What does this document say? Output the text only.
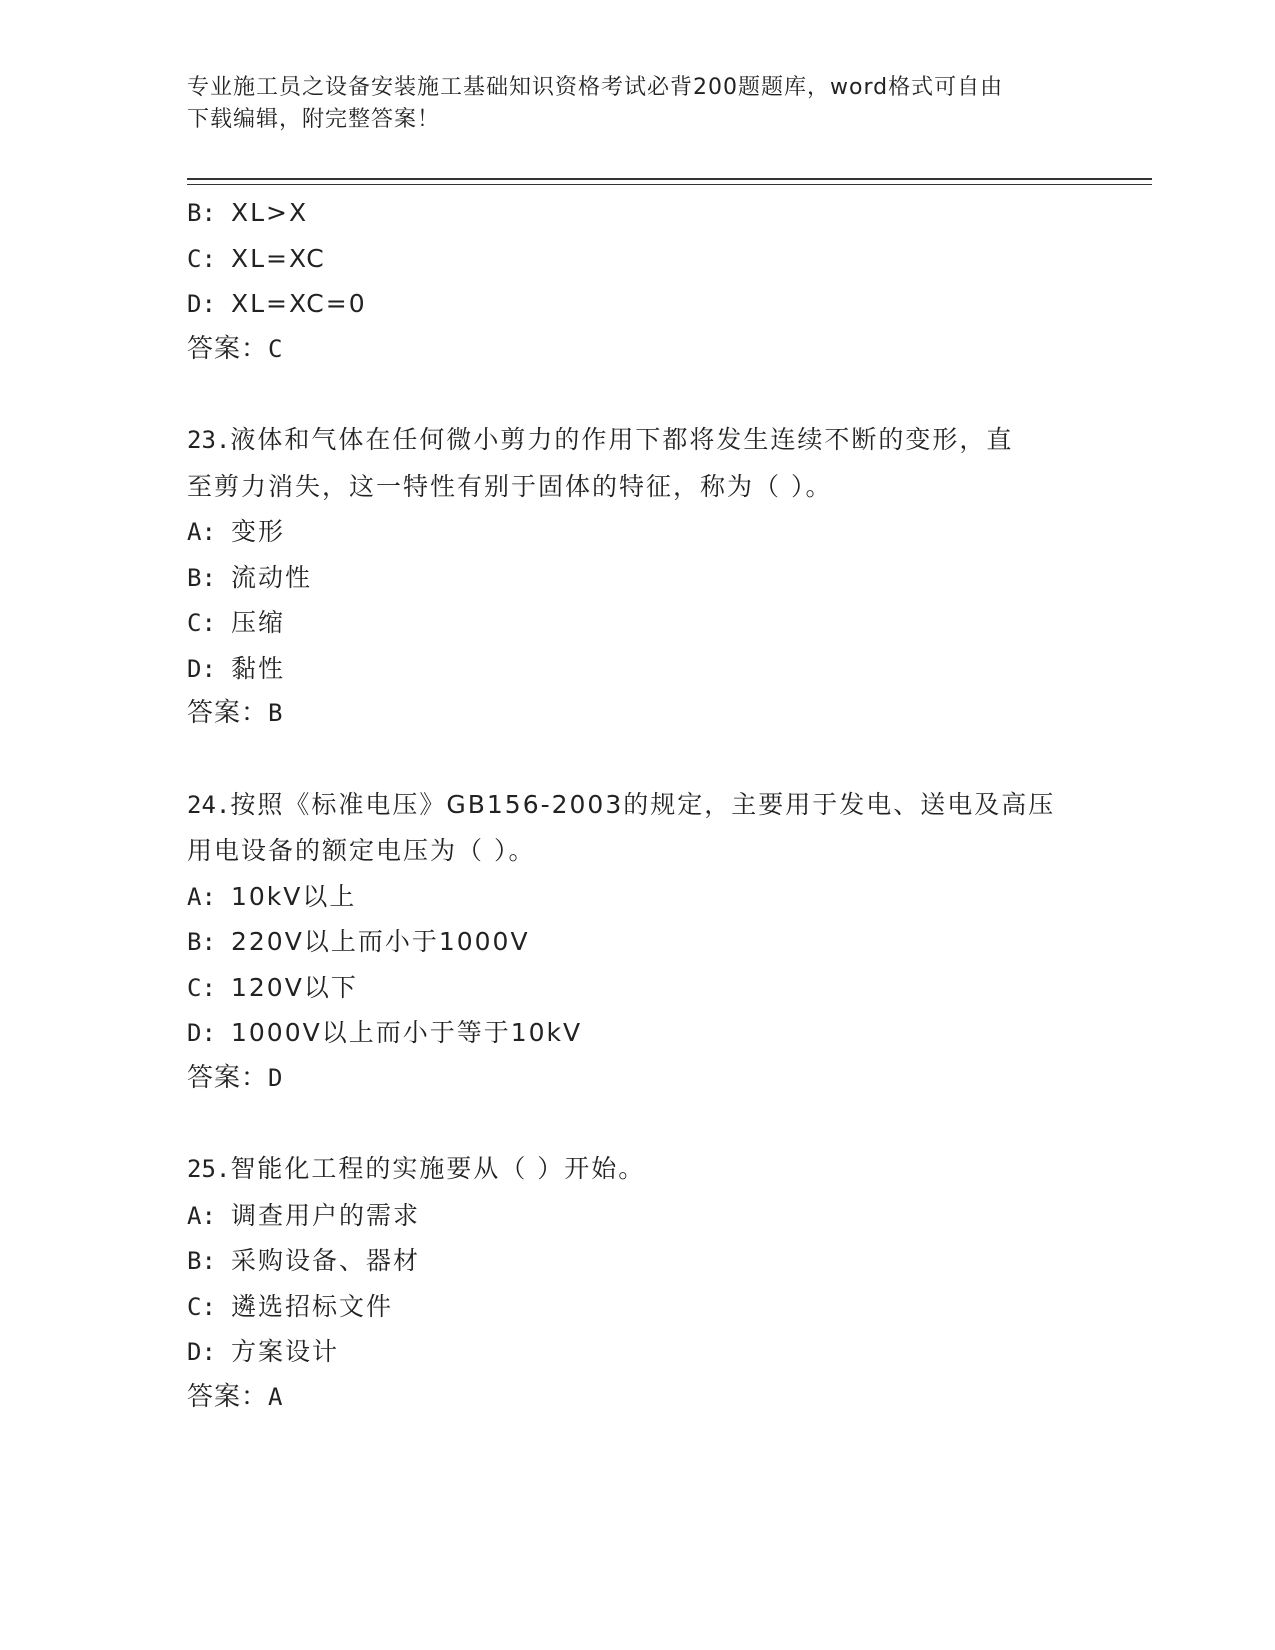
专业施工员之设备安装施工基础知识资格考试必背200题题库，word格式可自由
下载编辑，附完整答案！
B: XL>X
C: XL=XC
D: XL=XC=0
答案：C
23.液体和气体在任何微小剪力的作用下都将发生连续不断的变形，直
至剪力消失，这一特性有别于固体的特征，称为（ ）。
A: 变形
B: 流动性
C: 压缩
D: 黏性
答案：B
24.按照《标准电压》GB156-2003的规定，主要用于发电、送电及高压
用电设备的额定电压为（ ）。
A: 10kV以上
B: 220V以上而小于1000V
C: 120V以下
D: 1000V以上而小于等于10kV
答案：D
25.智能化工程的实施要从（ ）开始。
A: 调查用户的需求
B: 采购设备、器材
C: 遴选招标文件
D: 方案设计
答案：A
